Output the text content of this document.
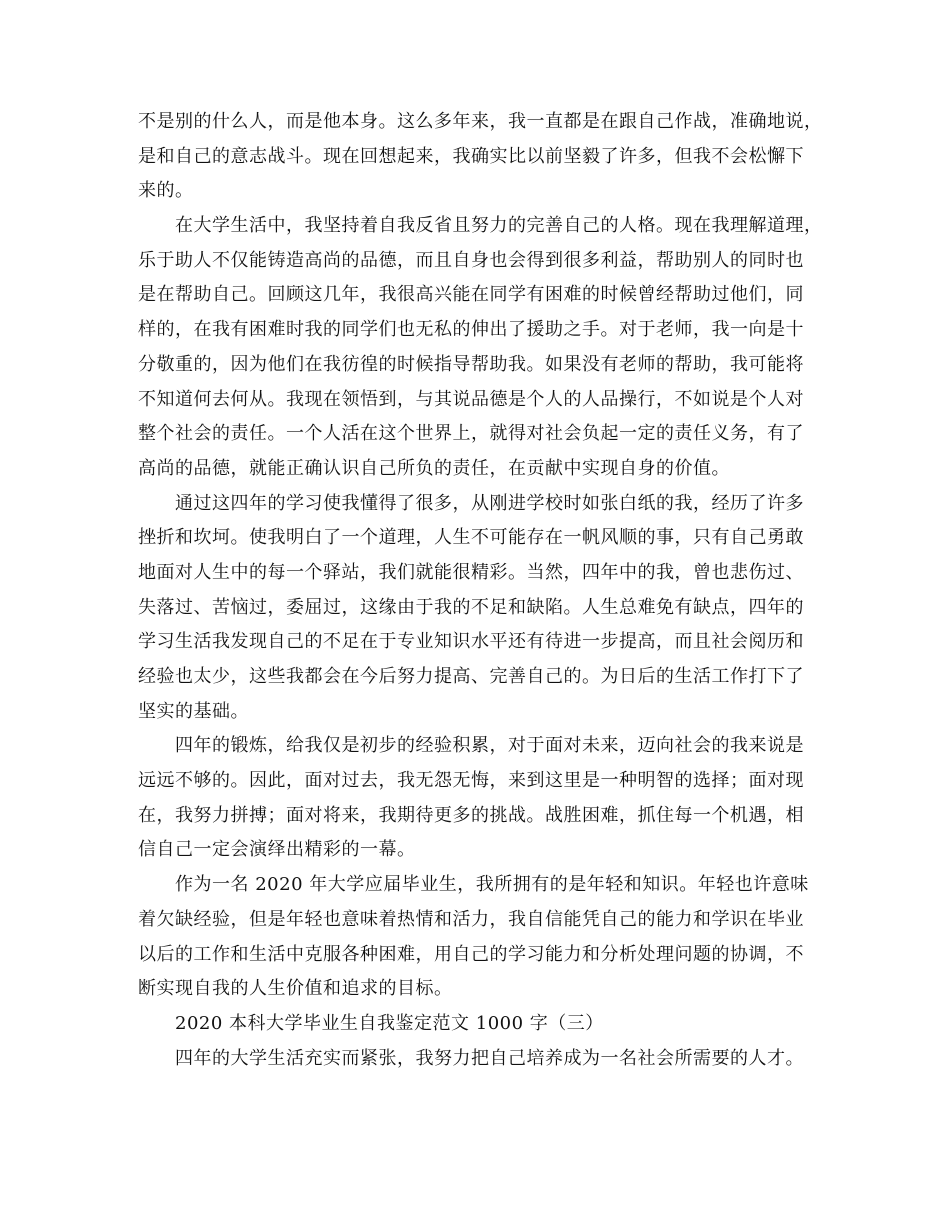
不是别的什么人，而是他本身。这么多年来，我一直都是在跟自己作战，准确地说，
是和自己的意志战斗。现在回想起来，我确实比以前坚毅了许多，但我不会松懈下
来的。
在大学生活中，我坚持着自我反省且努力的完善自己的人格。现在我理解道理，
乐于助人不仅能铸造高尚的品德，而且自身也会得到很多利益，帮助别人的同时也
是在帮助自己。回顾这几年，我很高兴能在同学有困难的时候曾经帮助过他们，同
样的，在我有困难时我的同学们也无私的伸出了援助之手。对于老师，我一向是十
分敬重的，因为他们在我彷徨的时候指导帮助我。如果没有老师的帮助，我可能将
不知道何去何从。我现在领悟到，与其说品德是个人的人品操行，不如说是个人对
整个社会的责任。一个人活在这个世界上，就得对社会负起一定的责任义务，有了
高尚的品德，就能正确认识自己所负的责任，在贡献中实现自身的价值。
通过这四年的学习使我懂得了很多，从刚进学校时如张白纸的我，经历了许多
挫折和坎坷。使我明白了一个道理，人生不可能存在一帆风顺的事，只有自己勇敢
地面对人生中的每一个驿站，我们就能很精彩。当然，四年中的我，曾也悲伤过、
失落过、苦恼过，委屈过，这缘由于我的不足和缺陷。人生总难免有缺点，四年的
学习生活我发现自己的不足在于专业知识水平还有待进一步提高，而且社会阅历和
经验也太少，这些我都会在今后努力提高、完善自己的。为日后的生活工作打下了
坚实的基础。
四年的锻炼，给我仅是初步的经验积累，对于面对未来，迈向社会的我来说是
远远不够的。因此，面对过去，我无怨无悔，来到这里是一种明智的选择；面对现
在，我努力拼搏；面对将来，我期待更多的挑战。战胜困难，抓住每一个机遇，相
信自己一定会演绎出精彩的一幕。
作为一名 2020 年大学应届毕业生，我所拥有的是年轻和知识。年轻也许意味
着欠缺经验，但是年轻也意味着热情和活力，我自信能凭自己的能力和学识在毕业
以后的工作和生活中克服各种困难，用自己的学习能力和分析处理问题的协调，不
断实现自我的人生价值和追求的目标。
2020 本科大学毕业生自我鉴定范文 1000 字（三）
四年的大学生活充实而紧张，我努力把自己培养成为一名社会所需要的人才。
